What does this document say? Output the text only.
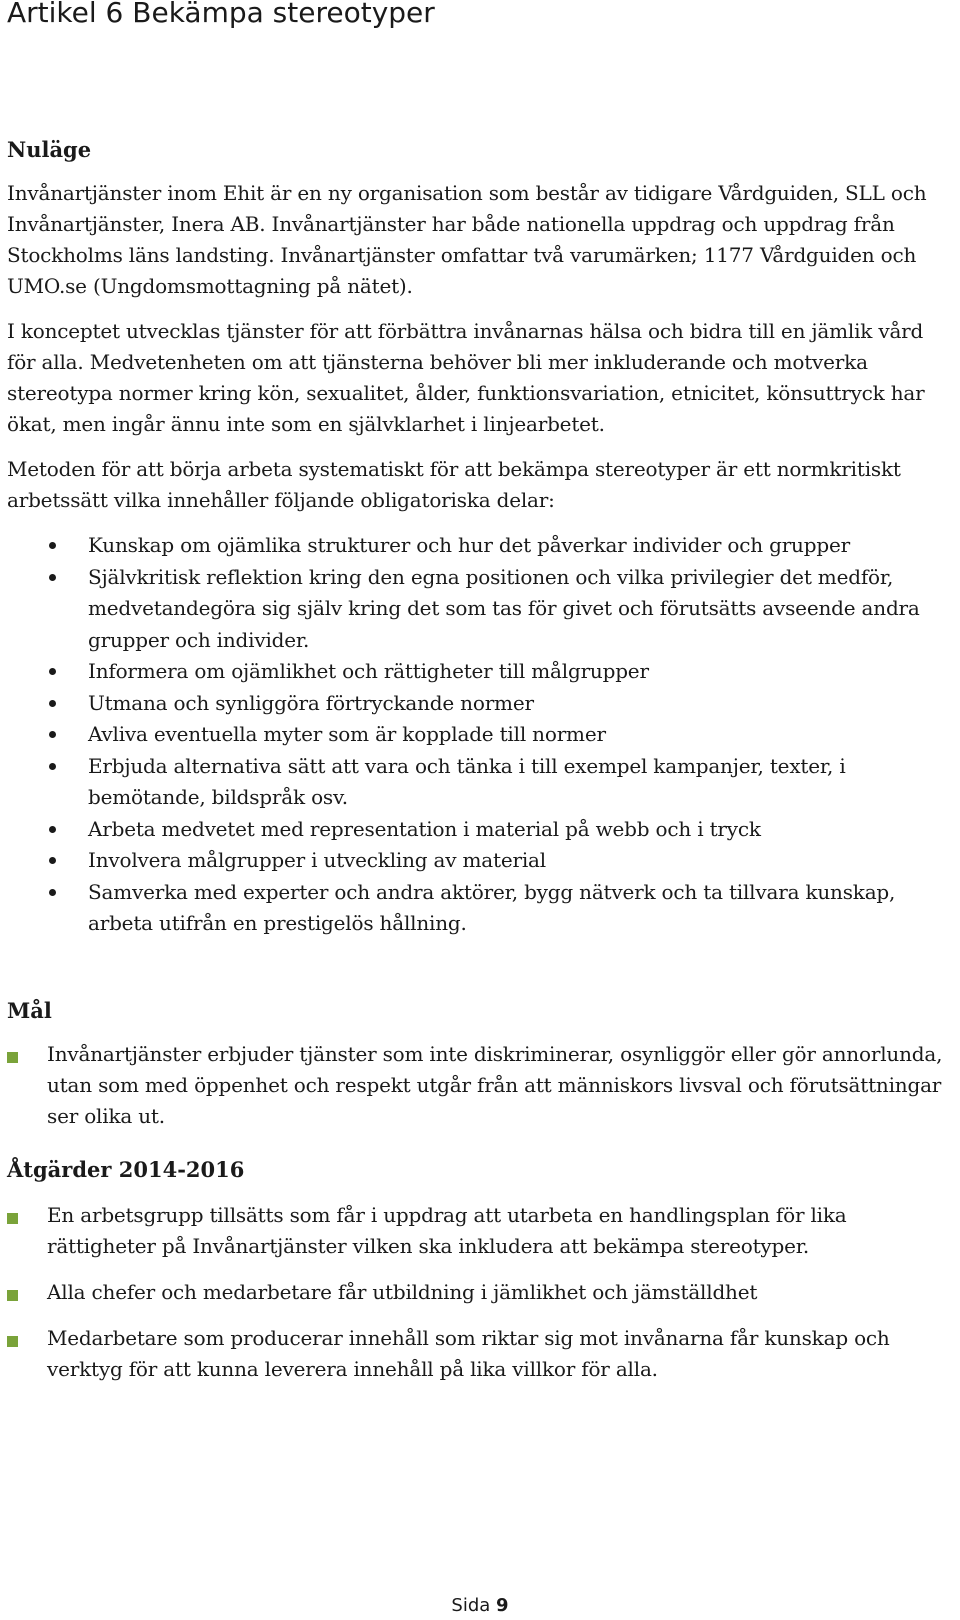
Artikel 6 Bekämpa stereotyper
Nuläge

Invånartjänster inom Ehit är en ny organisation som består av tidigare Vårdguiden, SLL och Invånartjänster, Inera AB. Invånartjänster har både nationella uppdrag och uppdrag från Stockholms läns landsting. Invånartjänster omfattar två varumärken; 1177 Vårdguiden och UMO.se (Ungdomsmottagning på nätet).

I konceptet utvecklas tjänster för att förbättra invånarnas hälsa och bidra till en jämlik vård för alla. Medvetenheten om att tjänsterna behöver bli mer inkluderande och motverka stereotypa normer kring kön, sexualitet, ålder, funktionsvariation, etnicitet, könsuttryck har ökat, men ingår ännu inte som en självklarhet i linjearbetet.

Metoden för att börja arbeta systematiskt för att bekämpa stereotyper är ett normkritiskt arbetssätt vilka innehåller följande obligatoriska delar:

Kunskap om ojämlika strukturer och hur det påverkar individer och grupper
Självkritisk reflektion kring den egna positionen och vilka privilegier det medför, medvetandegöra sig själv kring det som tas för givet och förutsätts avseende andra grupper och individer.
Informera om ojämlikhet och rättigheter till målgrupper
Utmana och synliggöra förtryckande normer
Avliva eventuella myter som är kopplade till normer
Erbjuda alternativa sätt att vara och tänka i till exempel kampanjer, texter, i bemötande, bildspråk osv.
Arbeta medvetet med representation i material på webb och i tryck
Involvera målgrupper i utveckling av material
Samverka med experter och andra aktörer, bygg nätverk och ta tillvara kunskap, arbeta utifrån en prestigelös hållning.
Mål
Invånartjänster erbjuder tjänster som inte diskriminerar, osynliggör eller gör annorlunda, utan som med öppenhet och respekt utgår från att människors livsval och förutsättningar ser olika ut.
Åtgärder 2014-2016
En arbetsgrupp tillsätts som får i uppdrag att utarbeta en handlingsplan för lika rättigheter på Invånartjänster vilken ska inkludera att bekämpa stereotyper.
Alla chefer och medarbetare får utbildning i jämlikhet och jämställdhet
Medarbetare som producerar innehåll som riktar sig mot invånarna får kunskap och verktyg för att kunna leverera innehåll på lika villkor för alla.
Sida 9
